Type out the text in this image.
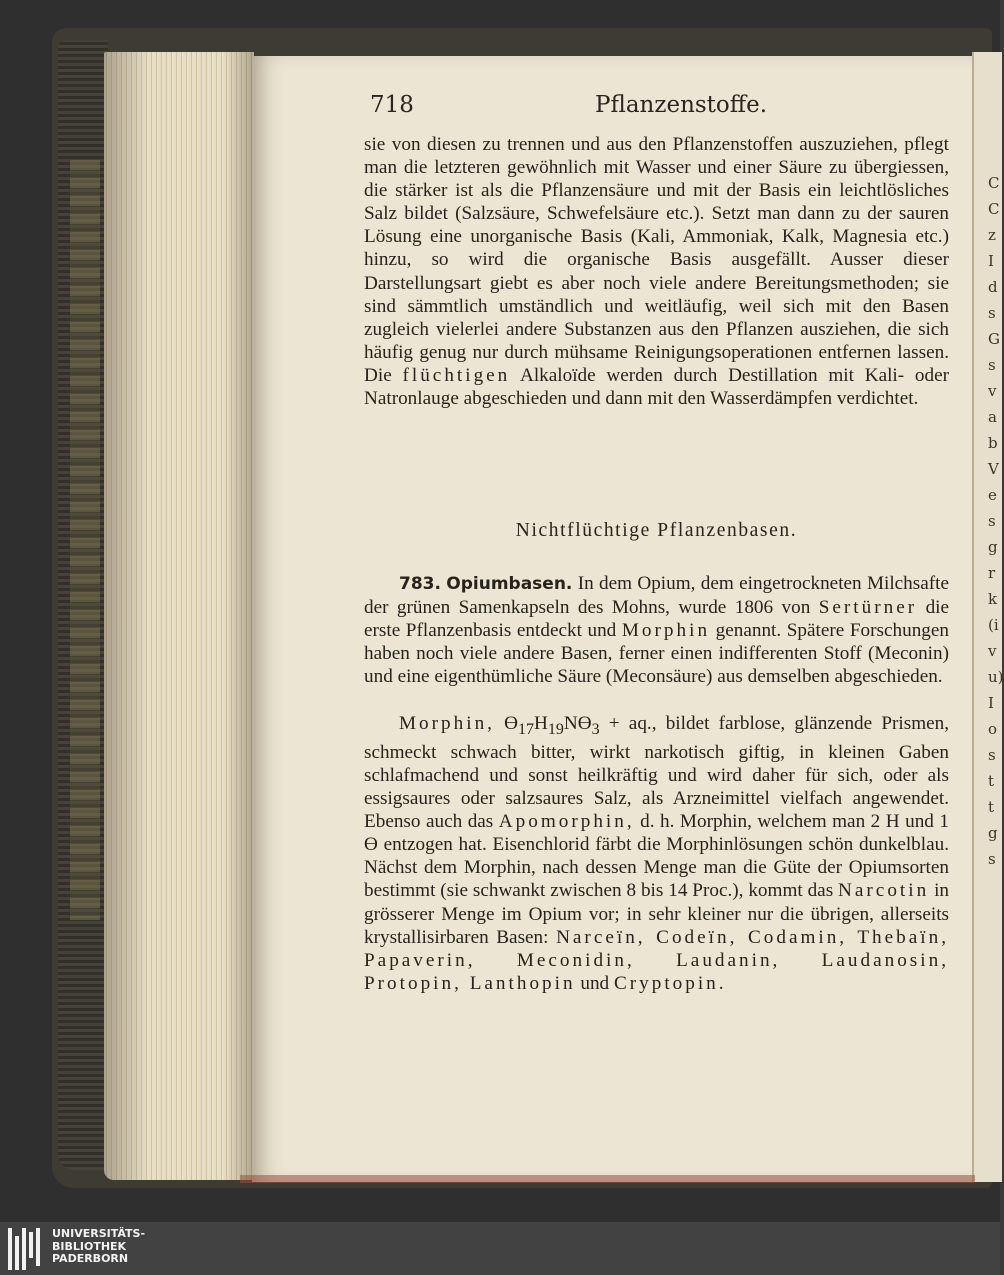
CCzIdsGsvabVesgrk(ivu)Iosttgs
718	Pflanzenstoffe.
sie von diesen zu trennen und aus den Pflanzenstoffen auszuziehen, pflegt man die letzteren gewöhnlich mit Wasser und einer Säure zu übergiessen, die stärker ist als die Pflanzensäure und mit der Basis ein leichtlösliches Salz bildet (Salzsäure, Schwefelsäure etc.). Setzt man dann zu der sauren Lösung eine unorganische Basis (Kali, Ammoniak, Kalk, Magnesia etc.) hinzu, so wird die organische Basis ausgefällt. Ausser dieser Darstellungsart giebt es aber noch viele andere Bereitungsmethoden; sie sind sämmtlich umständlich und weitläufig, weil sich mit den Basen zugleich vielerlei andere Substanzen aus den Pflanzen ausziehen, die sich häufig genug nur durch mühsame Reinigungsoperationen entfernen lassen. Die flüchtigen Alkaloïde werden durch Destillation mit Kali- oder Natronlauge abgeschieden und dann mit den Wasserdämpfen verdichtet.
Nichtflüchtige Pflanzenbasen.
783. Opiumbasen. In dem Opium, dem eingetrockneten Milchsafte der grünen Samenkapseln des Mohns, wurde 1806 von Sertürner die erste Pflanzenbasis entdeckt und Morphin genannt. Spätere Forschungen haben noch viele andere Basen, ferner einen indifferenten Stoff (Meconin) und eine eigenthümliche Säure (Meconsäure) aus demselben abgeschieden.
Morphin, $Ɵ_{17}H_{19}NƟ_3$ + aq., bildet farblose, glänzende Prismen, schmeckt schwach bitter, wirkt narkotisch giftig, in kleinen Gaben schlafmachend und sonst heilkräftig und wird daher für sich, oder als essigsaures oder salzsaures Salz, als Arzneimittel vielfach angewendet. Ebenso auch das Apomorphin, d. h. Morphin, welchem man 2 H und 1 Ɵ entzogen hat. Eisenchlorid färbt die Morphinlösungen schön dunkelblau. Nächst dem Morphin, nach dessen Menge man die Güte der Opiumsorten bestimmt (sie schwankt zwischen 8 bis 14 Proc.), kommt das Narcotin in grösserer Menge im Opium vor; in sehr kleiner nur die übrigen, allerseits krystallisirbaren Basen: Narceïn, Codeïn, Codamin, Thebaïn, Papaverin, Meconidin, Laudanin, Laudanosin, Protopin, Lanthopin und Cryptopin.
UNIVERSITÄTS-
BIBLIOTHEK
PADERBORN
